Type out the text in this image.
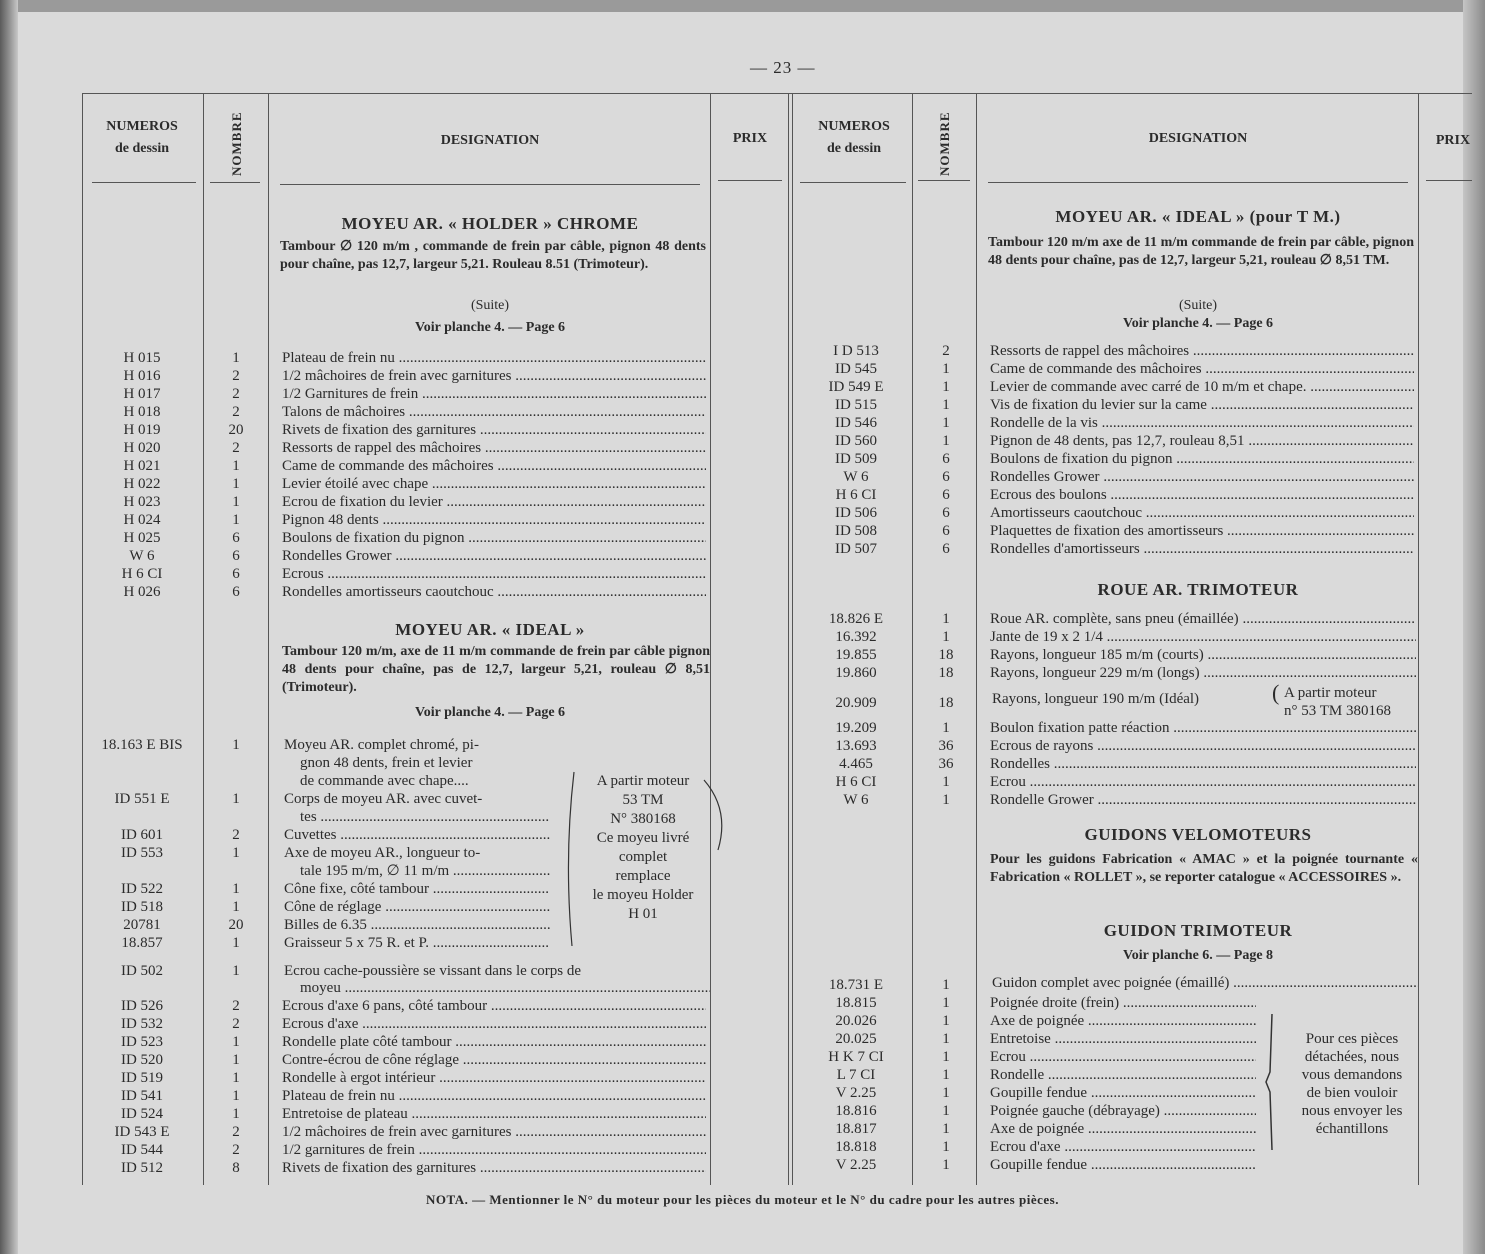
— 23 —
NUMEROS
de dessin	NOMBRE	DESIGNATION	PRIX
NUMEROS
de dessin	NOMBRE	DESIGNATION	PRIX
MOYEU AR. « HOLDER » CHROME
Tambour ∅ 120 m/m , commande de frein par câble, pignon 48 dents pour chaîne, pas 12,7, largeur 5,21. Rouleau 8.51 (Trimoteur).
(Suite)
Voir planche 4. — Page 6
H 015	1	Plateau de frein nu .....
H 016	2	1/2 mâchoires de frein avec garnitures .....
H 017	2	1/2 Garnitures de frein .....
H 018	2	Talons de mâchoires .....
H 019	20	Rivets de fixation des garnitures .....
H 020	2	Ressorts de rappel des mâchoires .....
H 021	1	Came de commande des mâchoires .....
H 022	1	Levier étoilé avec chape .....
H 023	1	Ecrou de fixation du levier .....
H 024	1	Pignon 48 dents .....
H 025	6	Boulons de fixation du pignon .....
W 6	6	Rondelles Grower .....
H 6 CI	6	Ecrous .....
H 026	6	Rondelles amortisseurs caoutchouc .....
MOYEU AR. « IDEAL »
Tambour 120 m/m, axe de 11 m/m commande de frein par câble pignon 48 dents pour chaîne, pas de 12,7, largeur 5,21, rouleau ∅ 8,51 (Trimoteur).
Voir planche 4. — Page 6
18.163 E BIS	1	Moyeu AR. complet chromé, pi-
gnon 48 dents, frein et levier
de commande avec chape....
ID 551 E	1	Corps de moyeu AR. avec cuvet-
tes .....
ID 601	2	Cuvettes .....
ID 553	1	Axe de moyeu AR., longueur to-
tale 195 m/m, ∅ 11 m/m .....
ID 522	1	Cône fixe, côté tambour .....
ID 518	1	Cône de réglage .....
20781	20	Billes de 6.35 .....
18.857	1	Graisseur 5 x 75 R. et P. .....
A partir moteur
53 TM
N° 380168
Ce moyeu livré
complet
remplace
le moyeu Holder
H 01
ID 502	1	Ecrou cache-poussière se vissant dans le corps de
moyeu .....
ID 526	2	Ecrous d'axe 6 pans, côté tambour .....
ID 532	2	Ecrous d'axe .....
ID 523	1	Rondelle plate côté tambour .....
ID 520	1	Contre-écrou de cône réglage .....
ID 519	1	Rondelle à ergot intérieur .....
ID 541	1	Plateau de frein nu .....
ID 524	1	Entretoise de plateau .....
ID 543 E	2	1/2 mâchoires de frein avec garnitures .....
ID 544	2	1/2 garnitures de frein .....
ID 512	8	Rivets de fixation des garnitures .....
MOYEU AR. « IDEAL » (pour T M.)
Tambour 120 m/m axe de 11 m/m commande de frein par câble, pignon 48 dents pour chaîne, pas de 12,7, largeur 5,21, rouleau ∅ 8,51 TM.
(Suite)
Voir planche 4. — Page 6
I D 513	2	Ressorts de rappel des mâchoires .....
ID 545	1	Came de commande des mâchoires .....
ID 549 E	1	Levier de commande avec carré de 10 m/m et chape. .....
ID 515	1	Vis de fixation du levier sur la came .....
ID 546	1	Rondelle de la vis .....
ID 560	1	Pignon de 48 dents, pas 12,7, rouleau 8,51 .....
ID 509	6	Boulons de fixation du pignon .....
W 6	6	Rondelles Grower .....
H 6 CI	6	Ecrous des boulons .....
ID 506	6	Amortisseurs caoutchouc .....
ID 508	6	Plaquettes de fixation des amortisseurs .....
ID 507	6	Rondelles d'amortisseurs .....
ROUE AR. TRIMOTEUR
18.826 E	1	Roue AR. complète, sans pneu (émaillée) .....
16.392	1	Jante de 19 x 2 1/4 .....
19.855	18	Rayons, longueur 185 m/m (courts) .....
19.860	18	Rayons, longueur 229 m/m (longs) .....
20.909	18	Rayons, longueur 190 m/m (Idéal)	( A partir moteur
n° 53 TM 380168
19.209	1	Boulon fixation patte réaction .....
13.693	36	Ecrous de rayons .....
4.465	36	Rondelles .....
H 6 CI	1	Ecrou .....
W 6	1	Rondelle Grower .....
GUIDONS VELOMOTEURS
Pour les guidons Fabrication « AMAC » et la poignée tournante « Fabrication « ROLLET », se reporter catalogue « ACCESSOIRES ».
GUIDON TRIMOTEUR
Voir planche 6. — Page 8
18.731 E	1	Guidon complet avec poignée (émaillé) .....
18.815	1	Poignée droite (frein) .....
20.026	1	Axe de poignée .....
20.025	1	Entretoise .....
H K 7 CI	1	Ecrou .....
L 7 CI	1	Rondelle .....
V 2.25	1	Goupille fendue .....
18.816	1	Poignée gauche (débrayage) .....
18.817	1	Axe de poignée .....
18.818	1	Ecrou d'axe .....
V 2.25	1	Goupille fendue .....
Pour ces pièces
détachées, nous
vous demandons
de bien vouloir
nous envoyer les
échantillons
NOTA. — Mentionner le N° du moteur pour les pièces du moteur et le N° du cadre pour les autres pièces.
